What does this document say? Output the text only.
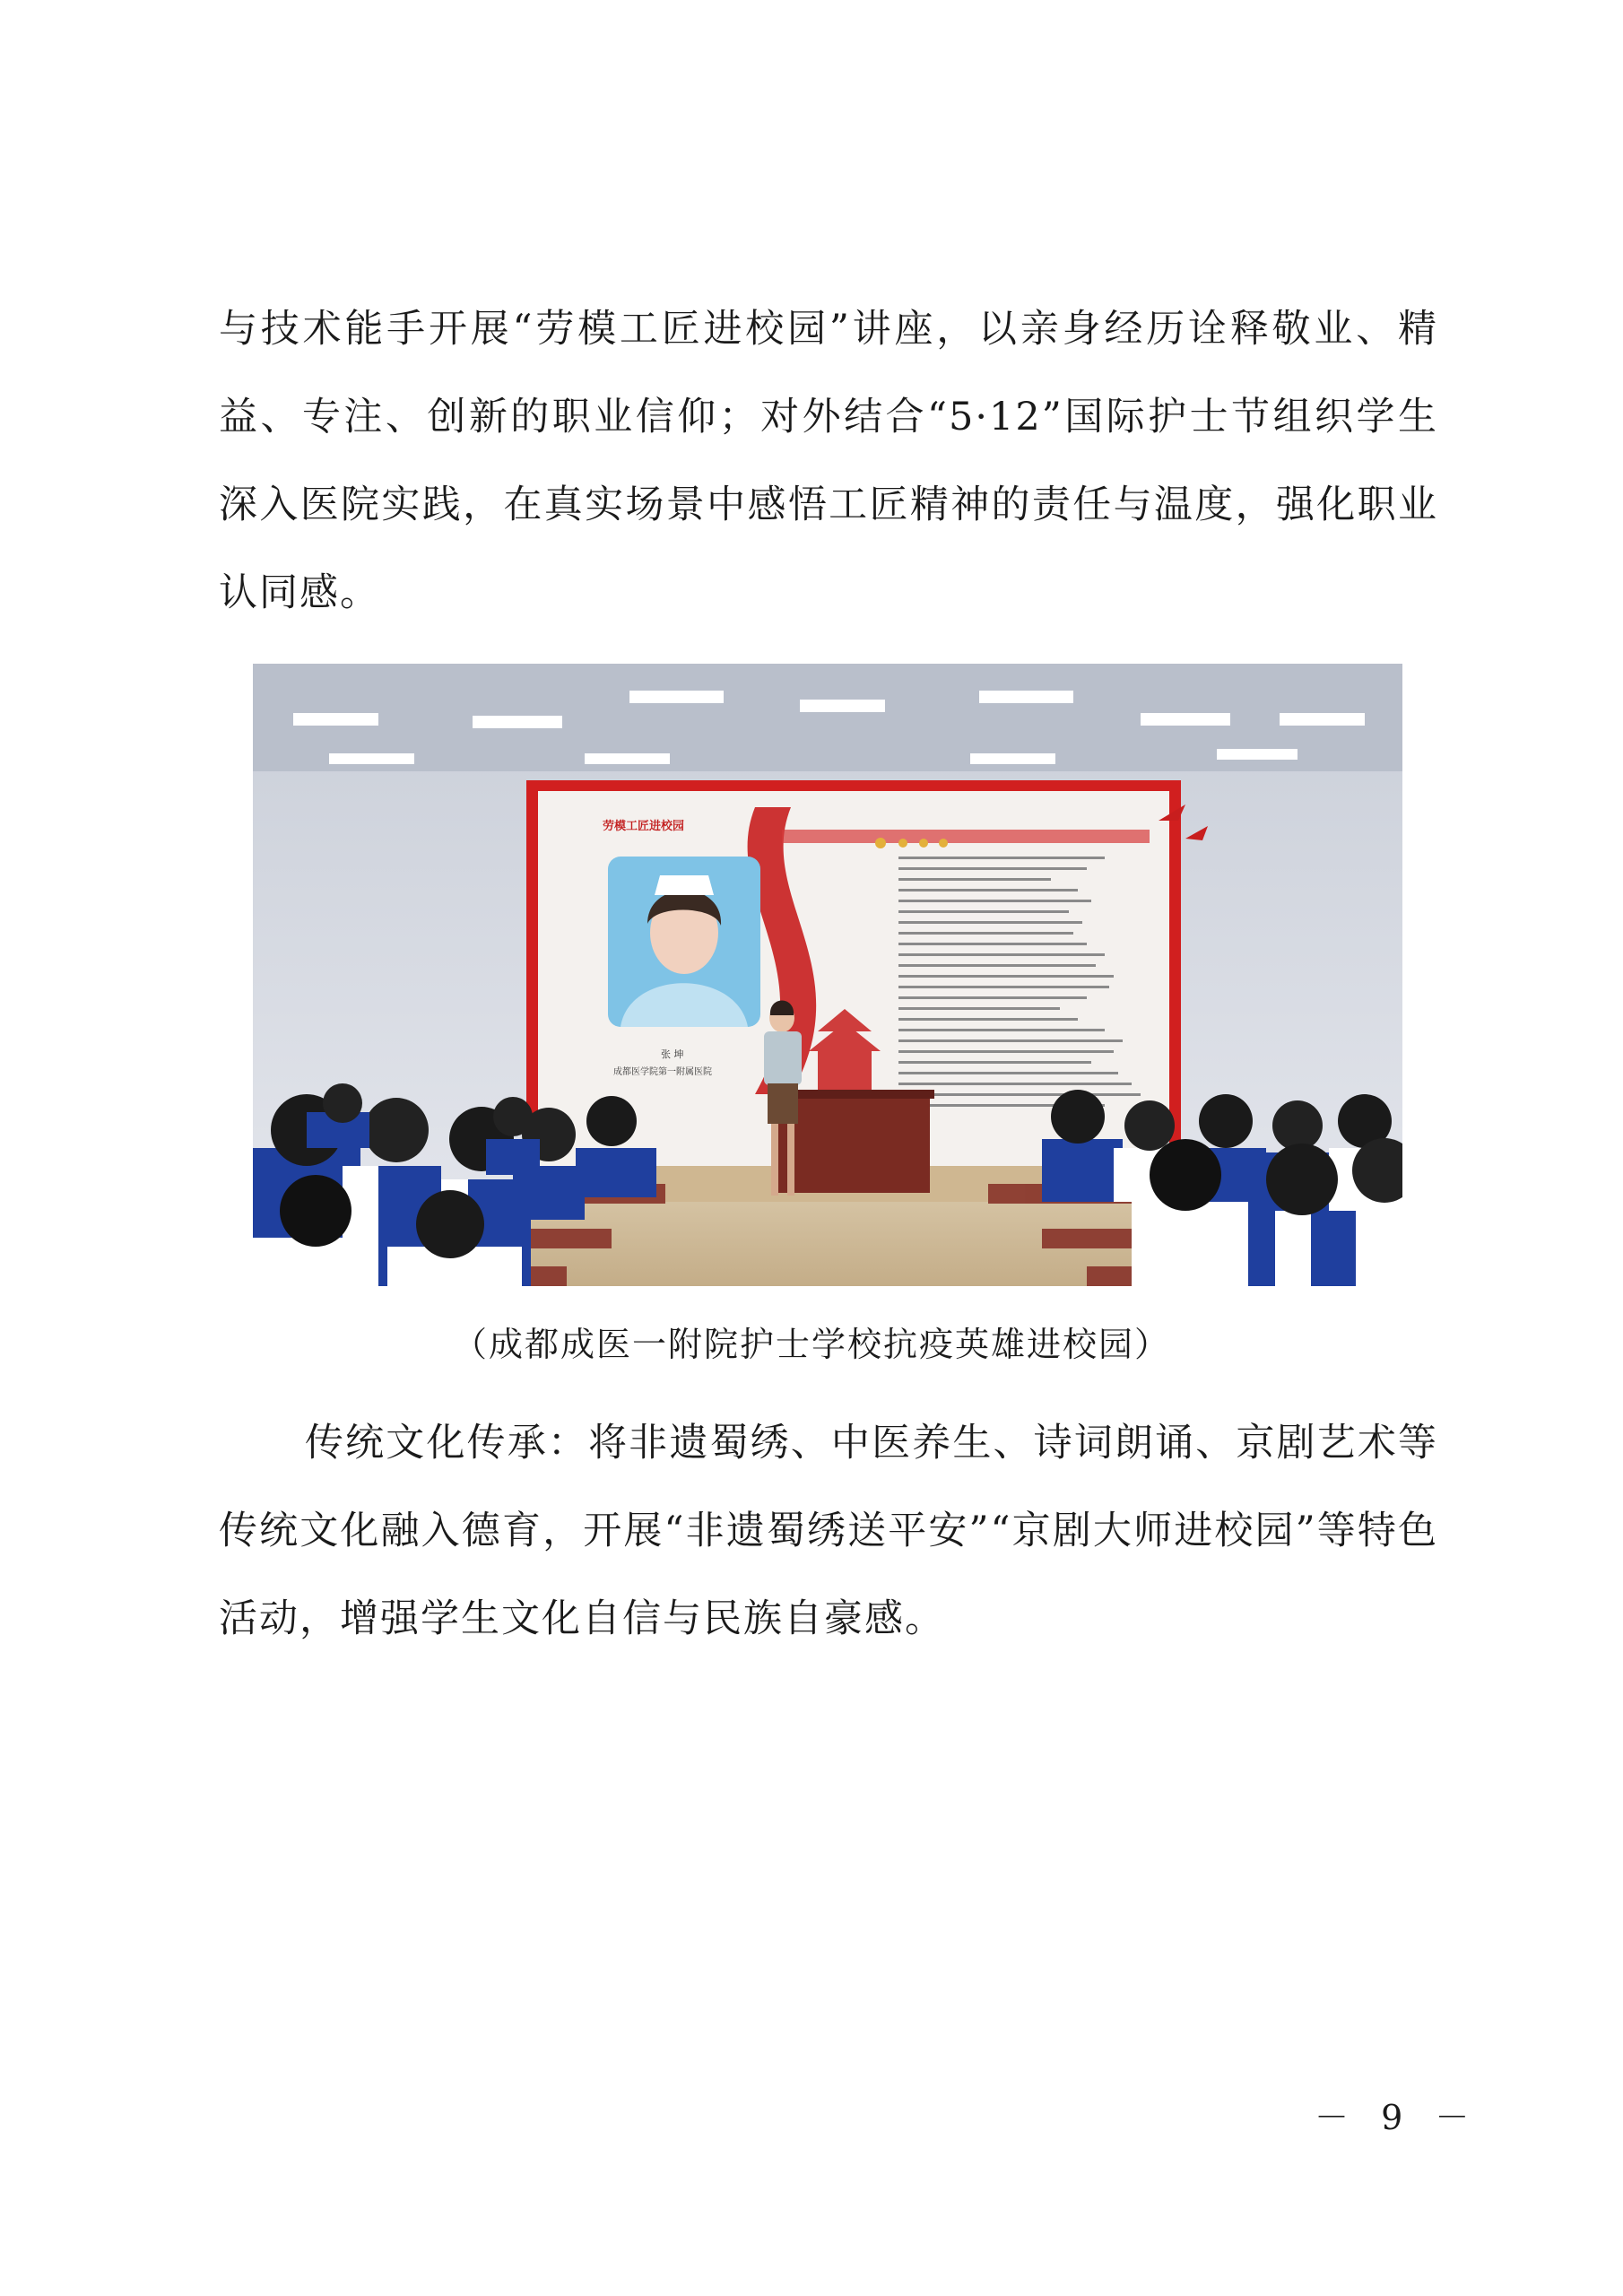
与技术能手开展“劳模工匠进校园”讲座，以亲身经历诠释敬业、精益、专注、创新的职业信仰；对外结合“5·12”国际护士节组织学生深入医院实践，在真实场景中感悟工匠精神的责任与温度，强化职业认同感。

劳模工匠进校园
张 坤
成都医学院第一附属医院

（成都成医一附院护士学校抗疫英雄进校园）

传统文化传承：将非遗蜀绣、中医养生、诗词朗诵、京剧艺术等传统文化融入德育，开展“非遗蜀绣送平安”“京剧大师进校园”等特色活动，增强学生文化自信与民族自豪感。

－ 9 －
